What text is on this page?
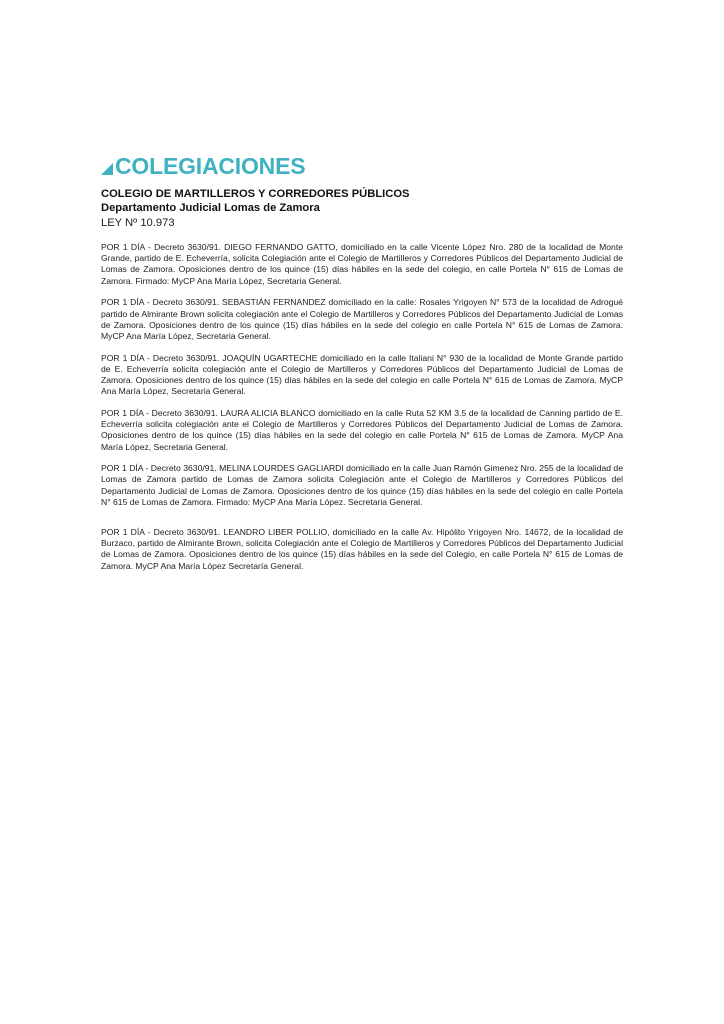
COLEGIACIONES
COLEGIO DE MARTILLEROS Y CORREDORES PÚBLICOS
Departamento Judicial Lomas de Zamora
LEY Nº 10.973

POR 1 DÍA - Decreto 3630/91. DIEGO FERNANDO GATTO, domiciliado en la calle Vicente López Nro. 280 de la localidad de Monte Grande, partido de E. Echeverría, solicita Colegiación ante el Colegio de Martilleros y Corredores Públicos del Departamento Judicial de Lomas de Zamora. Oposiciones dentro de los quince (15) días hábiles en la sede del colegio, en calle Portela N° 615 de Lomas de Zamora. Firmado: MyCP Ana María López, Secretaria General.

POR 1 DÍA - Decreto 3630/91. SEBASTIÁN FERNANDEZ domiciliado en la calle: Rosales Yrigoyen N° 573 de la localidad de Adrogué partido de Almirante Brown solicita colegiación ante el Colegio de Martilleros y Corredores Públicos del Departamento Judicial de Lomas de Zamora. Oposiciones dentro de los quince (15) días hábiles en la sede del colegio en calle Portela N° 615 de Lomas de Zamora. MyCP Ana María López, Secretaria General.

POR 1 DÍA - Decreto 3630/91. JOAQUÍN UGARTECHE domiciliado en la calle Italiani N° 930 de la localidad de Monte Grande partido de E. Echeverría solicita colegiación ante el Colegio de Martilleros y Corredores Públicos del Departamento Judicial de Lomas de Zamora. Oposiciones dentro de los quince (15) días hábiles en la sede del colegio en calle Portela N° 615 de Lomas de Zamora. MyCP Ana María López, Secretaria General.

POR 1 DÍA - Decreto 3630/91. LAURA ALICIA BLANCO domiciliado en la calle Ruta 52 KM 3.5 de la localidad de Canning partido de E. Echeverría solicita colegiación ante el Colegio de Martilleros y Corredores Públicos del Departamento Judicial de Lomas de Zamora. Oposiciones dentro de los quince (15) días hábiles en la sede del colegio en calle Portela N° 615 de Lomas de Zamora. MyCP Ana María López, Secretaria General.

POR 1 DÍA - Decreto 3630/91. MELINA LOURDES GAGLIARDI domiciliado en la calle Juan Ramón Gimenez Nro. 255 de la localidad de Lomas de Zamora partido de Lomas de Zamora solicita Colegiación ante el Colegio de Martilleros y Corredores Públicos del Departamento Judicial de Lomas de Zamora. Oposiciones dentro de los quince (15) días hábiles en la sede del colegio en calle Portela N° 615 de Lomas de Zamora. Firmado: MyCP Ana María López. Secretaria General.

POR 1 DÍA - Decreto 3630/91. LEANDRO LIBER POLLIO, domiciliado en la calle Av. Hipólito Yrigoyen Nro. 14672, de la localidad de Burzaco, partido de Almirante Brown, solicita Colegiación ante el Colegio de Martilleros y Corredores Públicos del Departamento Judicial de Lomas de Zamora. Oposiciones dentro de los quince (15) días hábiles en la sede del Colegio, en calle Portela N° 615 de Lomas de Zamora. MyCP Ana María López Secretaría General.
